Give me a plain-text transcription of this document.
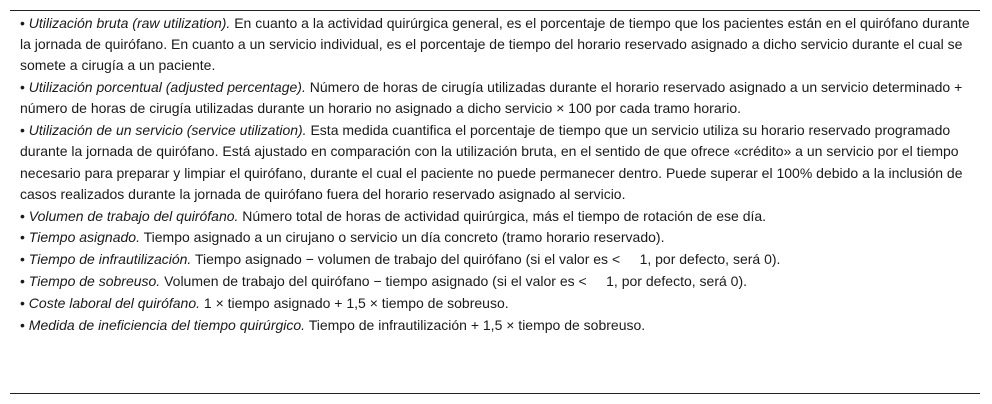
• Utilización bruta (raw utilization). En cuanto a la actividad quirúrgica general, es el porcentaje de tiempo que los pacientes están en el quirófano durante la jornada de quirófano. En cuanto a un servicio individual, es el porcentaje de tiempo del horario reservado asignado a dicho servicio durante el cual se somete a cirugía a un paciente.
• Utilización porcentual (adjusted percentage). Número de horas de cirugía utilizadas durante el horario reservado asignado a un servicio determinado + número de horas de cirugía utilizadas durante un horario no asignado a dicho servicio × 100 por cada tramo horario.
• Utilización de un servicio (service utilization). Esta medida cuantifica el porcentaje de tiempo que un servicio utiliza su horario reservado programado durante la jornada de quirófano. Está ajustado en comparación con la utilización bruta, en el sentido de que ofrece «crédito» a un servicio por el tiempo necesario para preparar y limpiar el quirófano, durante el cual el paciente no puede permanecer dentro. Puede superar el 100% debido a la inclusión de casos realizados durante la jornada de quirófano fuera del horario reservado asignado al servicio.
• Volumen de trabajo del quirófano. Número total de horas de actividad quirúrgica, más el tiempo de rotación de ese día.
• Tiempo asignado. Tiempo asignado a un cirujano o servicio un día concreto (tramo horario reservado).
• Tiempo de infrautilización. Tiempo asignado − volumen de trabajo del quirófano (si el valor es <     1, por defecto, será 0).
• Tiempo de sobreuso. Volumen de trabajo del quirófano − tiempo asignado (si el valor es <     1, por defecto, será 0).
• Coste laboral del quirófano. 1 × tiempo asignado + 1,5 × tiempo de sobreuso.
• Medida de ineficiencia del tiempo quirúrgico. Tiempo de infrautilización + 1,5 × tiempo de sobreuso.
